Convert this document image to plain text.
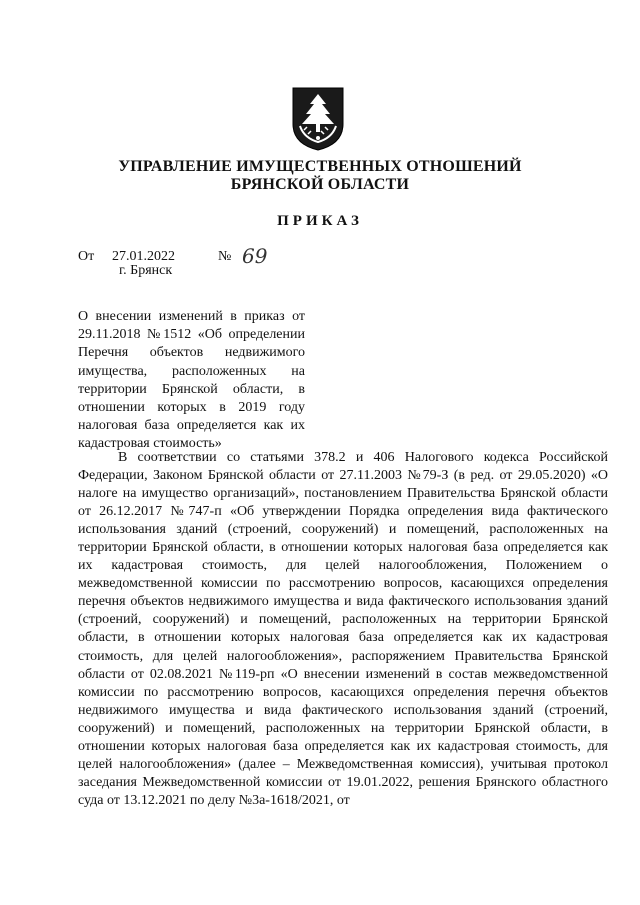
УПРАВЛЕНИЕ ИМУЩЕСТВЕННЫХ ОТНОШЕНИЙ
БРЯНСКОЙ ОБЛАСТИ
ПРИКАЗ
От 27.01.2022	№ 69
г. Брянск
О внесении изменений в приказ от 29.11.2018 №1512 «Об определении Перечня объектов недвижимого имущества, расположенных на территории Брянской области, в отношении которых в 2019 году налоговая база определяется как их кадастровая стоимость»

В соответствии со статьями 378.2 и 406 Налогового кодекса Российской Федерации, Законом Брянской области от 27.11.2003 №79-З (в ред. от 29.05.2020) «О налоге на имущество организаций», постановлением Правительства Брянской области от 26.12.2017 №747-п «Об утверждении Порядка определения вида фактического использования зданий (строений, сооружений) и помещений, расположенных на территории Брянской области, в отношении которых налоговая база определяется как их кадастровая стоимость, для целей налогообложения, Положением о межведомственной комиссии по рассмотрению вопросов, касающихся определения перечня объектов недвижимого имущества и вида фактического использования зданий (строений, сооружений) и помещений, расположенных на территории Брянской области, в отношении которых налоговая база определяется как их кадастровая стоимость, для целей налогообложения», распоряжением Правительства Брянской области от 02.08.2021 №119-рп «О внесении изменений в состав межведомственной комиссии по рассмотрению вопросов, касающихся определения перечня объектов недвижимого имущества и вида фактического использования зданий (строений, сооружений) и помещений, расположенных на территории Брянской области, в отношении которых налоговая база определяется как их кадастровая стоимость, для целей налогообложения» (далее – Межведомственная комиссия), учитывая протокол заседания Межведомственной комиссии от 19.01.2022, решения Брянского областного суда от 13.12.2021 по делу №3а-1618/2021, от
